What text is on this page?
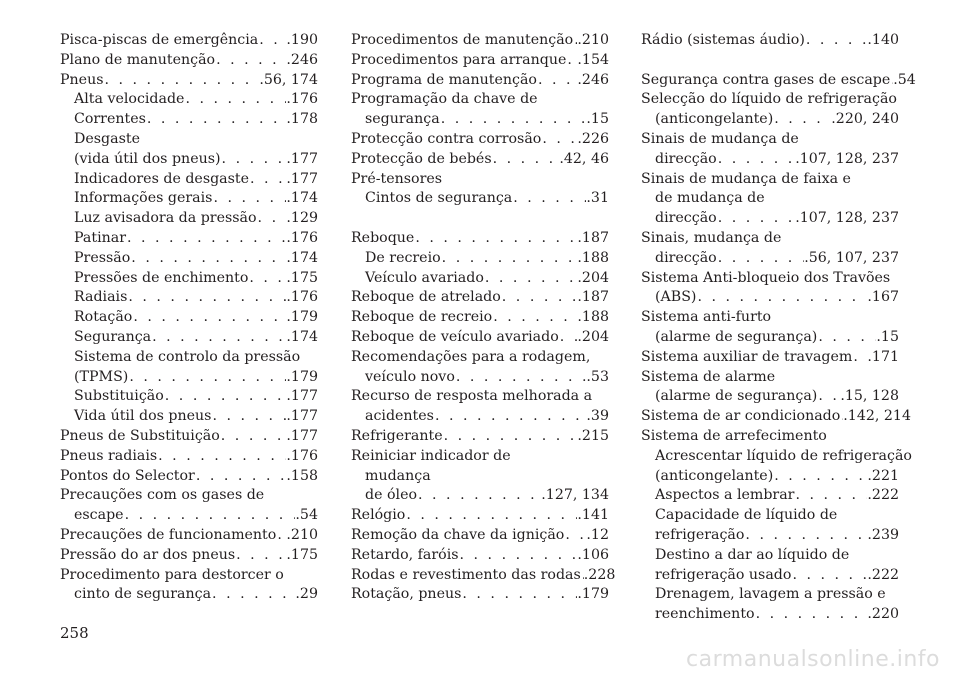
Pisca-piscas de emergência . . . .190
Plano de manutenção . . .	.246
Pneus . . .	.56, 174
Alta velocidade . . .	.176
Correntes . . .	.178
Desgaste
(vida útil dos pneus) . . .	.177
Indicadores de desgaste . . .	.177
Informações gerais . . .	.174
Luz avisadora da pressão . . . .129
Patinar . . .	.176
Pressão . . .	.174
Pressões de enchimento . . .	.175
Radiais . . .	.176
Rotação . . .	.179
Segurança . . .	.174
Sistema de controlo da pressão
(TPMS) . . .	.179
Substituição . . .	.177
Vida útil dos pneus . . .	.177
Pneus de Substituição . . .	.177
Pneus radiais . . .	.176
Pontos do Selector . . .	.158
Precauções com os gases de
escape . . .	.54
Precauções de funcionamento . . . .210
Pressão do ar dos pneus . . .	.175
Procedimento para destorcer o
cinto de segurança . . .	.29
Procedimentos de manutenção . . . .210
Procedimentos para arranque . . . .154
Programa de manutenção . . .	.246
Programação da chave de
segurança . . .	.15
Protecção contra corrosão . . .	.226
Protecção de bebés . . .	.42, 46
Pré-tensores
Cintos de segurança . . .	.31
Reboque . . .	.187
De recreio . . .	.188
Veículo avariado . . .	.204
Reboque de atrelado . . .	.187
Reboque de recreio . . .	.188
Reboque de veículo avariado . . . .204
Recomendações para a rodagem,
veículo novo . . .	.53
Recurso de resposta melhorada a
acidentes . . .	.39
Refrigerante . . .	.215
Reiniciar indicador de
mudança
de óleo . . .	.127, 134
Relógio . . .	.141
Remoção da chave da ignição . . . .12
Retardo, faróis . . .	.106
Rodas e revestimento das rodas . . . .228
Rotação, pneus . . .	.179
Rádio (sistemas áudio) . . .	.140
Segurança contra gases de escape . . . .54
Selecção do líquido de refrigeração
(anticongelante) . . .	.220, 240
Sinais de mudança de
direcção . . .	.107, 128, 237
Sinais de mudança de faixa e
de mudança de
direcção . . .	.107, 128, 237
Sinais, mudança de
direcção . . .	.56, 107, 237
Sistema Anti-bloqueio dos Travões
(ABS) . . .	.167
Sistema anti-furto
(alarme de segurança) . . .	.15
Sistema auxiliar de travagem . . . .171
Sistema de alarme
(alarme de segurança) . . . .15, 128
Sistema de ar condicionado . . . .142, 214
Sistema de arrefecimento
Acrescentar líquido de refrigeração
(anticongelante) . . .	.221
Aspectos a lembrar . . .	.222
Capacidade de líquido de
refrigeração . . .	.239
Destino a dar ao líquido de
refrigeração usado . . .	.222
Drenagem, lavagem a pressão e
reenchimento . . .	.220
258
carmanualsonline.info
